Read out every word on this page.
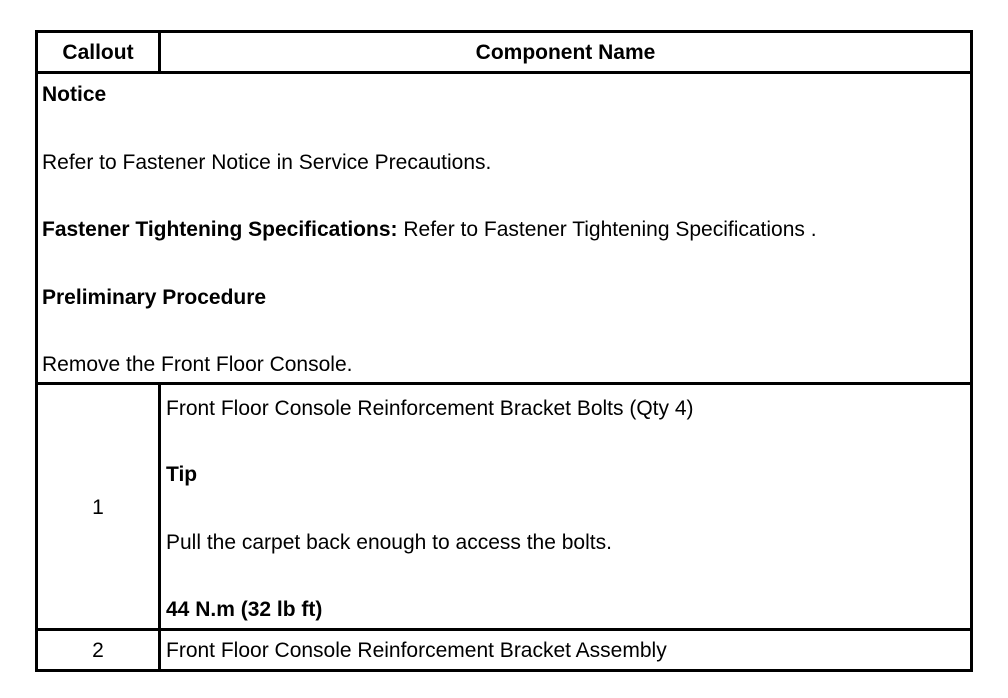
Callout	Component Name
Notice
Refer to Fastener Notice in Service Precautions.
Fastener Tightening Specifications: Refer to Fastener Tightening Specifications .
Preliminary Procedure
Remove the Front Floor Console.
1
Front Floor Console Reinforcement Bracket Bolts (Qty 4)
Tip
Pull the carpet back enough to access the bolts.
44 N.m (32 lb ft)
2	Front Floor Console Reinforcement Bracket Assembly
